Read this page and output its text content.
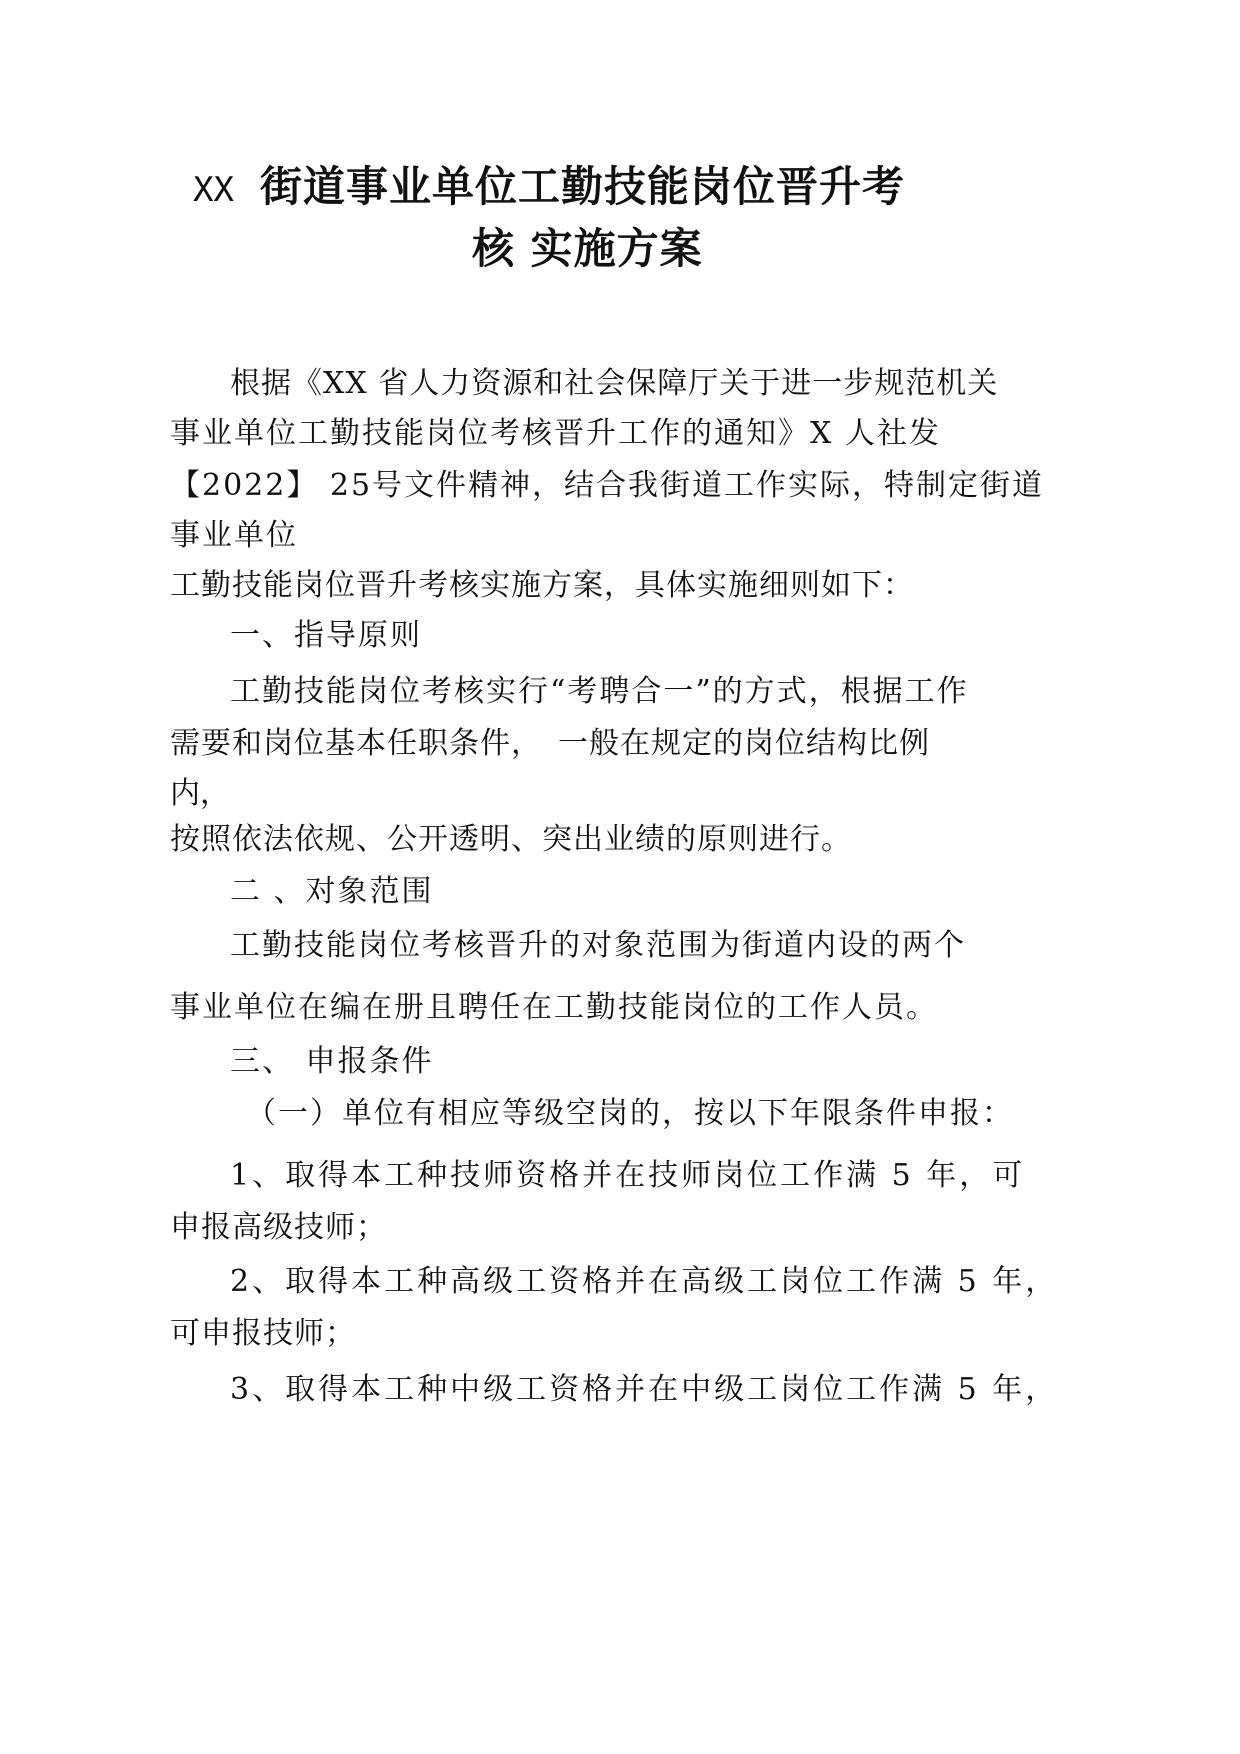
XX 街道事业单位工勤技能岗位晋升考
核 实施方案

根据《XX 省人力资源和社会保障厅关于进一步规范机关

事业单位工勤技能岗位考核晋升工作的通知》X 人社发

【2022】 25号文件精神，结合我街道工作实际，特制定街道

事业单位

工勤技能岗位晋升考核实施方案，具体实施细则如下：

一、指导原则

工勤技能岗位考核实行“考聘合一”的方式，根据工作

需要和岗位基本任职条件，　一般在规定的岗位结构比例

内，

按照依法依规、公开透明、突出业绩的原则进行。

二 、对象范围

工勤技能岗位考核晋升的对象范围为街道内设的两个

事业单位在编在册且聘任在工勤技能岗位的工作人员。

三、 申报条件

（一）单位有相应等级空岗的，按以下年限条件申报：

1、取得本工种技师资格并在技师岗位工作满 5 年，可

申报高级技师；

2、取得本工种高级工资格并在高级工岗位工作满 5 年，

可申报技师；

3、取得本工种中级工资格并在中级工岗位工作满 5 年，
